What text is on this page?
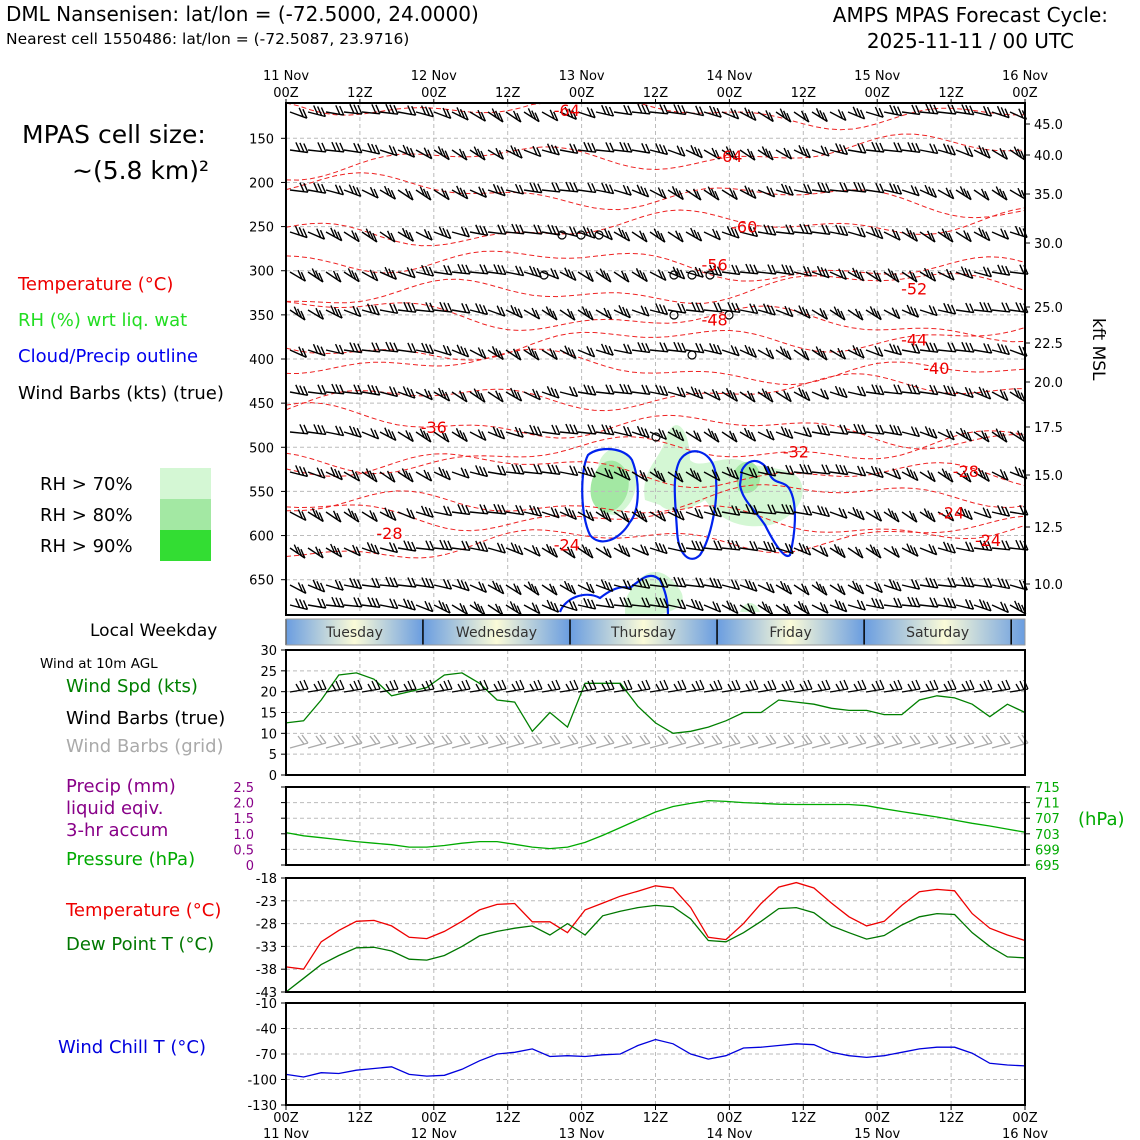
DML Nansenisen: lat/lon = (-72.5000, 24.0000)
Nearest cell 1550486: lat/lon = (-72.5087, 23.9716)
AMPS MPAS Forecast Cycle:
2025-11-11 / 00 UTC
MPAS cell size:
~(5.8 km)²
Temperature (°C)
RH (%) wrt liq. wat
Cloud/Precip outline
Wind Barbs (kts) (true)
RH > 70%
RH > 80%
RH > 90%
Local Weekday
Wind at 10m AGL
Wind Spd (kts)
Wind Barbs (true)
Wind Barbs (grid)
Precip (mm)
liquid eqiv.
3-hr accum
Pressure (hPa)
Temperature (°C)
Dew Point T (°C)
Wind Chill T (°C)
(hPa)
kft MSL
150
200
250
300
350
400
450
500
550
600
650
45.0
40.0
35.0
30.0
25.0
22.5
20.0
17.5
15.0
12.5
10.0
-64
-64
-60
-56
-52
-48
-44
-40
-36
-32
-28
-28
-24
-24	-24
00Z	12Z	00Z	12Z	00Z	12Z	00Z	12Z	00Z	12Z	00Z
11 Nov	12 Nov	13 Nov	14 Nov	15 Nov	16 Nov
Tuesday	Wednesday	Thursday	Friday	Saturday
30
25
20
15
10
5
0
0
0.5
1.0
1.5
2.0
2.5
695
699
703
707
711
715
-18
-23
-28
-33
-38
-43
-10
-40
-70
-100
-130
00Z	12Z	00Z	12Z	00Z	12Z	00Z	12Z	00Z	12Z	00Z
11 Nov	12 Nov	13 Nov	14 Nov	15 Nov	16 Nov
